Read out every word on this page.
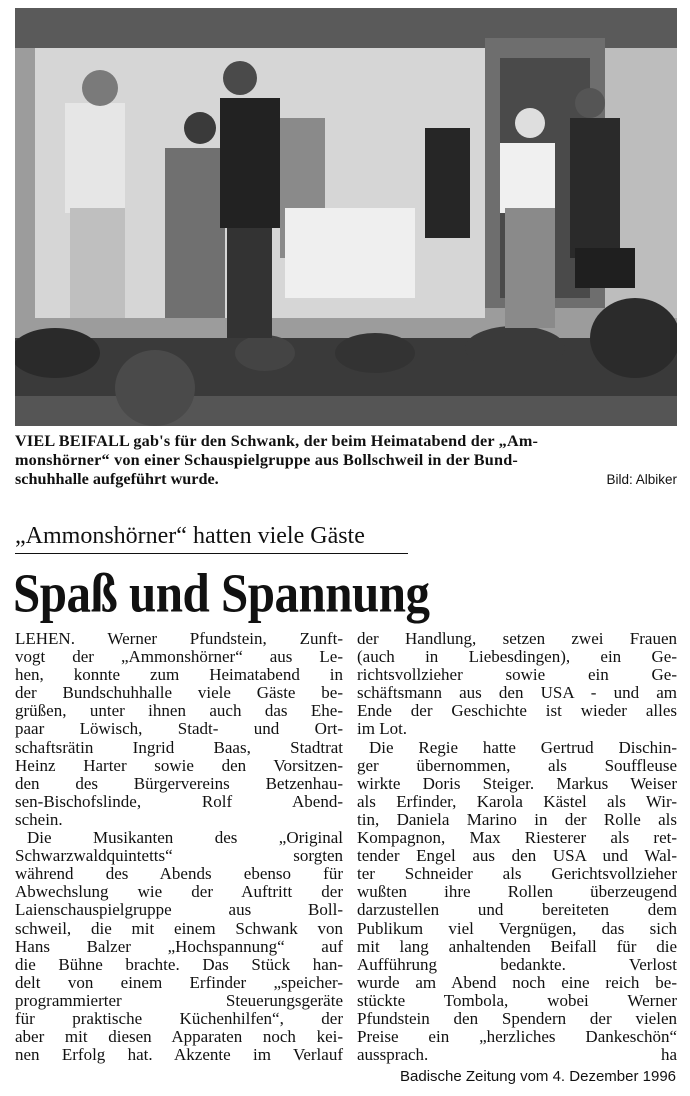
VIEL BEIFALL gab's für den Schwank, der beim Heimatabend der „Am-
monshörner“ von einer Schauspielgruppe aus Bollschweil in der Bund-
schuhhalle aufgeführt wurde.	Bild: Albiker
„Ammonshörner“ hatten viele Gäste
Spaß und Spannung
LEHEN. Werner Pfundstein, Zunft-
vogt der „Ammonshörner“ aus Le-
hen, konnte zum Heimatabend in
der Bundschuhhalle viele Gäste be-
grüßen, unter ihnen auch das Ehe-
paar Löwisch, Stadt- und Ort-
schaftsrätin Ingrid Baas, Stadtrat
Heinz Harter sowie den Vorsitzen-
den des Bürgervereins Betzenhau-
sen-Bischofslinde, Rolf Abend-
schein.
Die Musikanten des „Original
Schwarzwaldquintetts“ sorgten
während des Abends ebenso für
Abwechslung wie der Auftritt der
Laienschauspielgruppe aus Boll-
schweil, die mit einem Schwank von
Hans Balzer „Hochspannung“ auf
die Bühne brachte. Das Stück han-
delt von einem Erfinder „speicher-
programmierter Steuerungsgeräte
für praktische Küchenhilfen“, der
aber mit diesen Apparaten noch kei-
nen Erfolg hat. Akzente im Verlauf
der Handlung, setzen zwei Frauen
(auch in Liebesdingen), ein Ge-
richtsvollzieher sowie ein Ge-
schäftsmann aus den USA - und am
Ende der Geschichte ist wieder alles
im Lot.
Die Regie hatte Gertrud Dischin-
ger übernommen, als Souffleuse
wirkte Doris Steiger. Markus Weiser
als Erfinder, Karola Kästel als Wir-
tin, Daniela Marino in der Rolle als
Kompagnon, Max Riesterer als ret-
tender Engel aus den USA und Wal-
ter Schneider als Gerichtsvollzieher
wußten ihre Rollen überzeugend
darzustellen und bereiteten dem
Publikum viel Vergnügen, das sich
mit lang anhaltenden Beifall für die
Aufführung bedankte. Verlost
wurde am Abend noch eine reich be-
stückte Tombola, wobei Werner
Pfundstein den Spendern der vielen
Preise ein „herzliches Dankeschön“
aussprach. ha
Badische Zeitung vom 4. Dezember 1996
